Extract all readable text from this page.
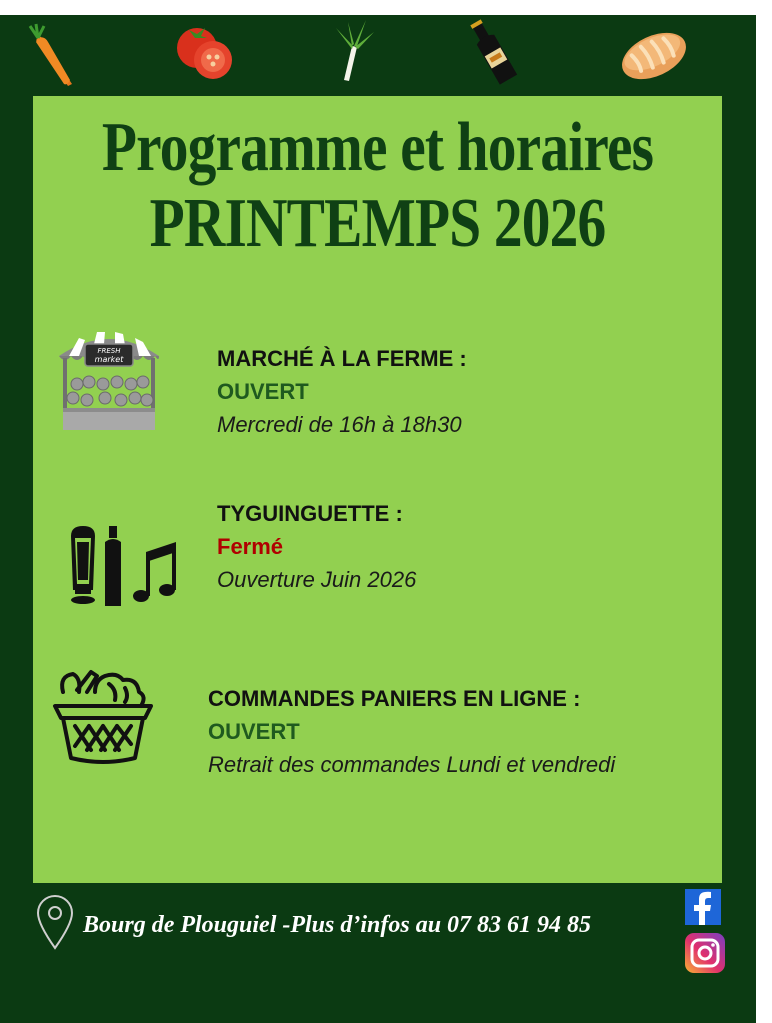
Programme et horaires
PRINTEMPS 2026
FRESH
market	MARCHÉ À LA FERME :
OUVERT
Mercredi de 16h à 18h30
TYGUINGUETTE :
Fermé
Ouverture Juin 2026
COMMANDES PANIERS EN LIGNE :
OUVERT
Retrait des commandes Lundi et vendredi
Bourg de Plouguiel -Plus d’infos au 07 83 61 94 85
